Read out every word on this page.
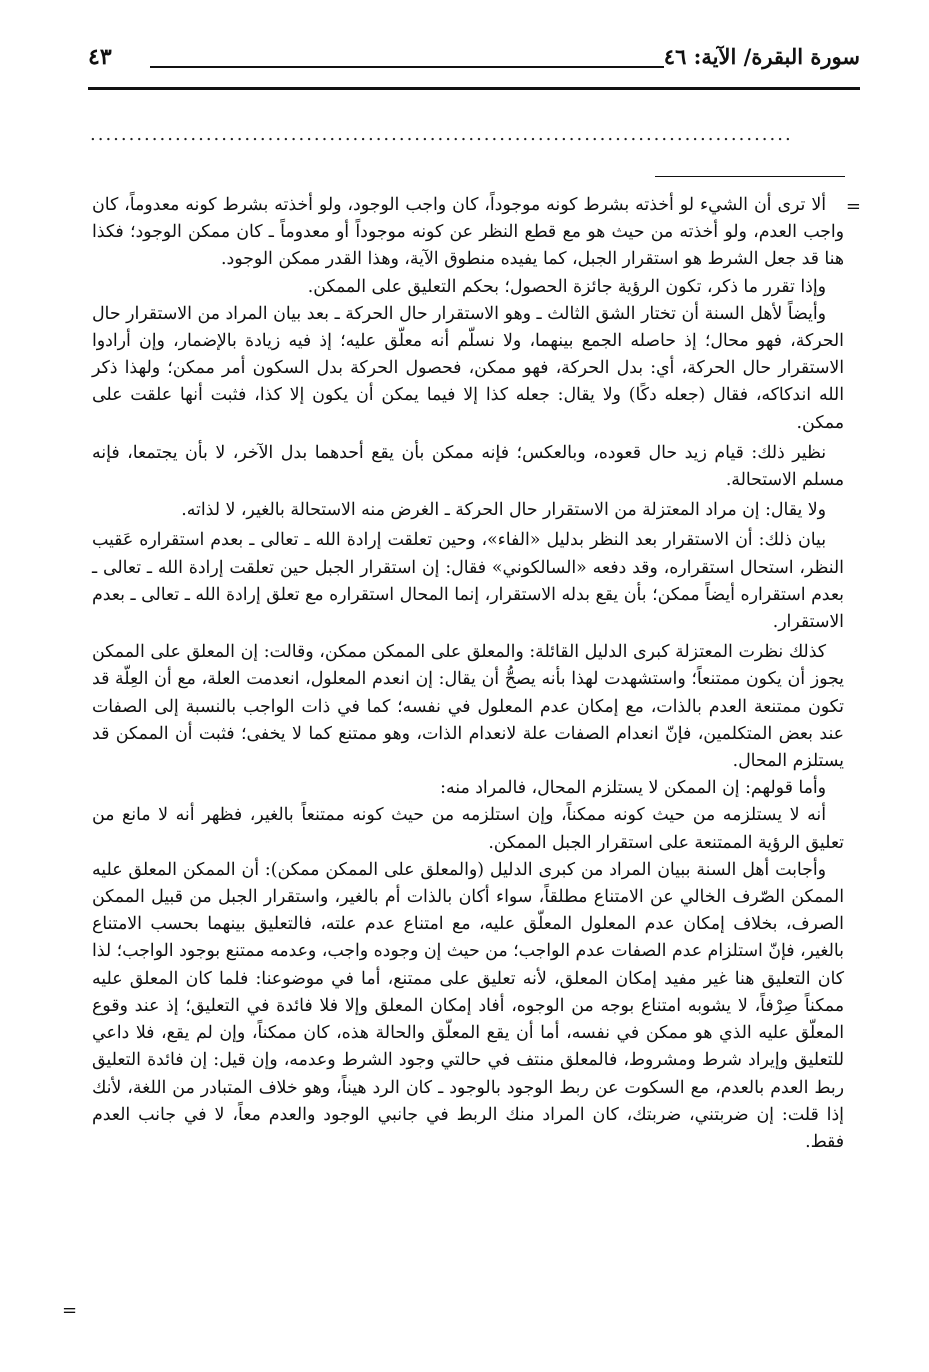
سورة البقرة/ الآية: ٤٦
٤٣
...........................................................................................
=
=

ألا ترى أن الشيء لو أخذته بشرط كونه موجوداً، كان واجب الوجود، ولو أخذته بشرط كونه معدوماً، كان واجب العدم، ولو أخذته من حيث هو مع قطع النظر عن كونه موجوداً أو معدوماً ـ كان ممكن الوجود؛ فكذا هنا قد جعل الشرط هو استقرار الجبل، كما يفيده منطوق الآية، وهذا القدر ممكن الوجود.

وإذا تقرر ما ذكر، تكون الرؤية جائزة الحصول؛ بحكم التعليق على الممكن.

وأيضاً لأهل السنة أن تختار الشق الثالث ـ وهو الاستقرار حال الحركة ـ بعد بيان المراد من الاستقرار حال الحركة، فهو محال؛ إذ حاصله الجمع بينهما، ولا نسلّم أنه معلّق عليه؛ إذ فيه زيادة بالإضمار، وإن أرادوا الاستقرار حال الحركة، أي: بدل الحركة، فهو ممكن، فحصول الحركة بدل السكون أمر ممكن؛ ولهذا ذكر الله اندكاكه، فقال (جعله دكًا) ولا يقال: جعله كذا إلا فيما يمكن أن يكون إلا كذا، فثبت أنها علقت على ممكن.

نظير ذلك: قيام زيد حال قعوده، وبالعكس؛ فإنه ممكن بأن يقع أحدهما بدل الآخر، لا بأن يجتمعا، فإنه مسلم الاستحالة.

ولا يقال: إن مراد المعتزلة من الاستقرار حال الحركة ـ الغرض منه الاستحالة بالغير، لا لذاته.

بيان ذلك: أن الاستقرار بعد النظر بدليل «الفاء»، وحين تعلقت إرادة الله ـ تعالى ـ بعدم استقراره عَقيب النظر، استحال استقراره، وقد دفعه «السالكوني» فقال: إن استقرار الجبل حين تعلقت إرادة الله ـ تعالى ـ بعدم استقراره أيضاً ممكن؛ بأن يقع بدله الاستقرار، إنما المحال استقراره مع تعلق إرادة الله ـ تعالى ـ بعدم الاستقرار.

كذلك نظرت المعتزلة كبرى الدليل القائلة: والمعلق على الممكن ممكن، وقالت: إن المعلق على الممكن يجوز أن يكون ممتنعاً؛ واستشهدت لهذا بأنه يصحُّ أن يقال: إن انعدم المعلول، انعدمت العلة، مع أن العِلّة قد تكون ممتنعة العدم بالذات، مع إمكان عدم المعلول في نفسه؛ كما في ذات الواجب بالنسبة إلى الصفات عند بعض المتكلمين، فإنّ انعدام الصفات علة لانعدام الذات، وهو ممتنع كما لا يخفى؛ فثبت أن الممكن قد يستلزم المحال.

وأما قولهم: إن الممكن لا يستلزم المحال، فالمراد منه:

أنه لا يستلزمه من حيث كونه ممكناً، وإن استلزمه من حيث كونه ممتنعاً بالغير، فظهر أنه لا مانع من تعليق الرؤية الممتنعة على استقرار الجبل الممكن.

وأجابت أهل السنة ببيان المراد من كبرى الدليل (والمعلق على الممكن ممكن): أن الممكن المعلق عليه الممكن الصّرف الخالي عن الامتناع مطلقاً، سواء أكان بالذات أم بالغير، واستقرار الجبل من قبيل الممكن الصرف، بخلاف إمكان عدم المعلول المعلّق عليه، مع امتناع عدم علته، فالتعليق بينهما بحسب الامتناع بالغير، فإنّ استلزام عدم الصفات عدم الواجب؛ من حيث إن وجوده واجب، وعدمه ممتنع بوجود الواجب؛ لذا كان التعليق هنا غير مفيد إمكان المعلق، لأنه تعليق على ممتنع، أما في موضوعنا: فلما كان المعلق عليه ممكناً صِرْفاً، لا يشوبه امتناع بوجه من الوجوه، أفاد إمكان المعلق وإلا فلا فائدة في التعليق؛ إذ عند وقوع المعلّق عليه الذي هو ممكن في نفسه، أما أن يقع المعلّق والحالة هذه، كان ممكناً، وإن لم يقع، فلا داعي للتعليق وإيراد شرط ومشروط، فالمعلق منتف في حالتي وجود الشرط وعدمه، وإن قيل: إن فائدة التعليق ربط العدم بالعدم، مع السكوت عن ربط الوجود بالوجود ـ كان الرد هيناً، وهو خلاف المتبادر من اللغة، لأنك إذا قلت: إن ضربتني، ضربتك، كان المراد منك الربط في جانبي الوجود والعدم معاً، لا في جانب العدم فقط.
